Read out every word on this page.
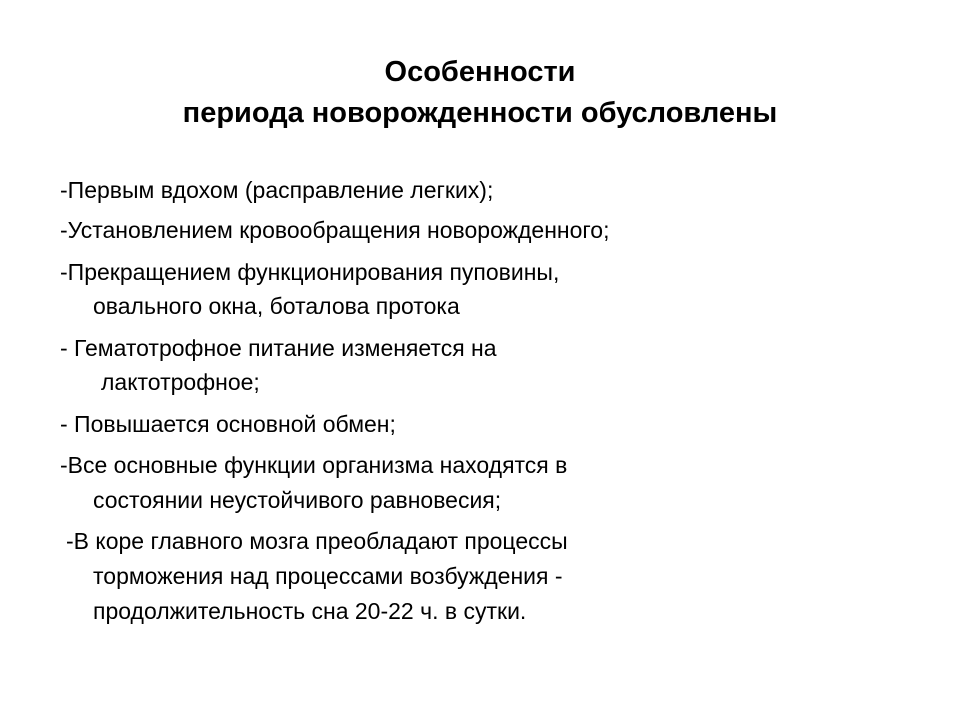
Особенности
периода новорожденности обусловлены
-Первым вдохом (расправление легких);
-Установлением кровообращения новорожденного;
-Прекращением функционирования пуповины,
овального окна, боталова протока
- Гематотрофное питание изменяется на
лактотрофное;
- Повышается основной обмен;
-Все основные функции организма находятся в
состоянии неустойчивого равновесия;
-В коре главного мозга преобладают процессы
торможения над процессами возбуждения -
продолжительность сна 20-22 ч. в сутки.
